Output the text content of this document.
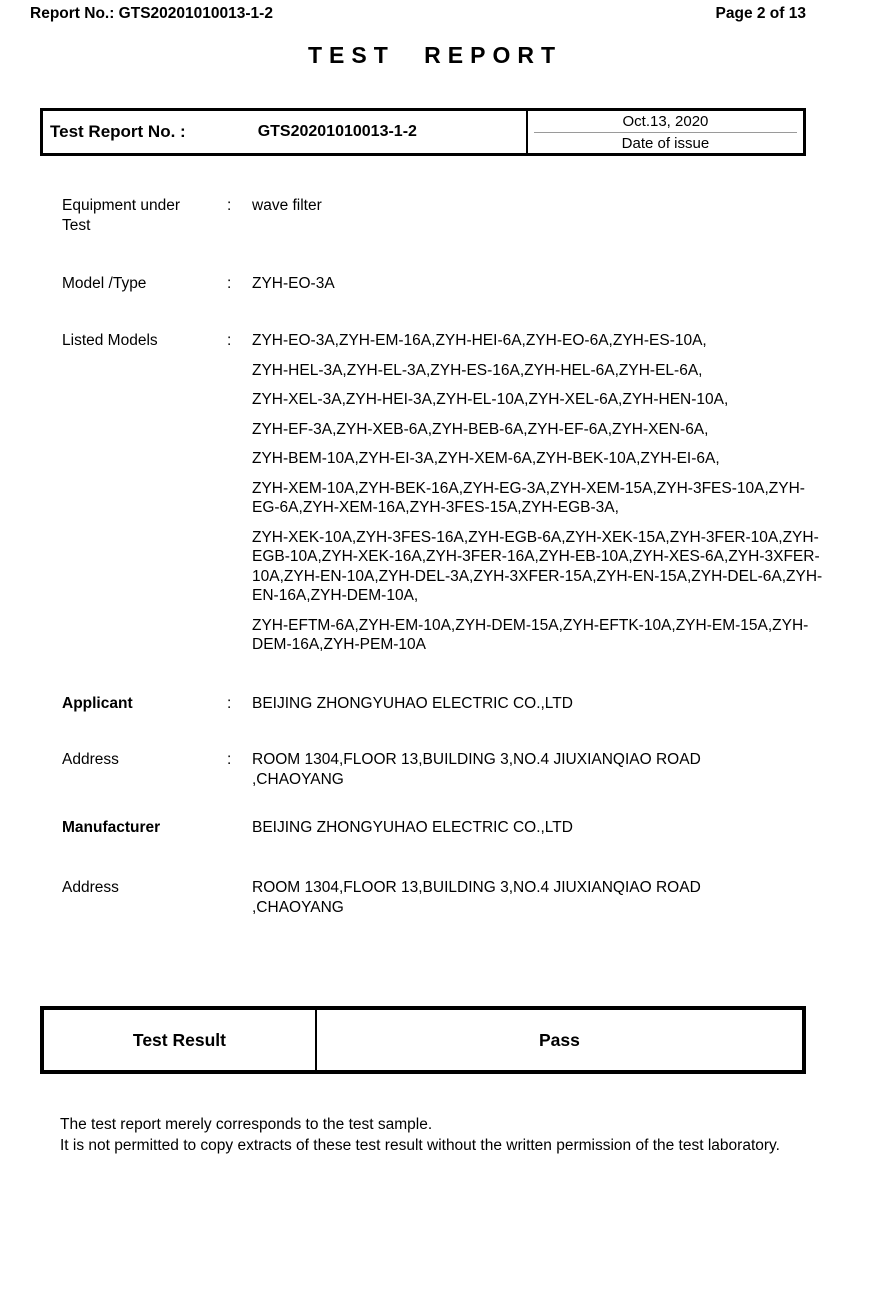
Report No.: GTS20201010013-1-2	Page 2 of 13
TEST REPORT
Test Report No. :	GTS20201010013-1-2
Oct.13, 2020
Date of issue
Equipment under Test
:	wave filter
Model /Type	:	ZYH-EO-3A
Listed Models	:	ZYH-EO-3A,ZYH-EM-16A,ZYH-HEI-6A,ZYH-EO-6A,ZYH-ES-10A,

ZYH-HEL-3A,ZYH-EL-3A,ZYH-ES-16A,ZYH-HEL-6A,ZYH-EL-6A,

ZYH-XEL-3A,ZYH-HEI-3A,ZYH-EL-10A,ZYH-XEL-6A,ZYH-HEN-10A,

ZYH-EF-3A,ZYH-XEB-6A,ZYH-BEB-6A,ZYH-EF-6A,ZYH-XEN-6A,

ZYH-BEM-10A,ZYH-EI-3A,ZYH-XEM-6A,ZYH-BEK-10A,ZYH-EI-6A,

ZYH-XEM-10A,ZYH-BEK-16A,ZYH-EG-3A,ZYH-XEM-15A,ZYH-3FES-10A,ZYH-EG-6A,ZYH-XEM-16A,ZYH-3FES-15A,ZYH-EGB-3A,

ZYH-XEK-10A,ZYH-3FES-16A,ZYH-EGB-6A,ZYH-XEK-15A,ZYH-3FER-10A,ZYH-EGB-10A,ZYH-XEK-16A,ZYH-3FER-16A,ZYH-EB-10A,ZYH-XES-6A,ZYH-3XFER-10A,ZYH-EN-10A,ZYH-DEL-3A,ZYH-3XFER-15A,ZYH-EN-15A,ZYH-DEL-6A,ZYH-EN-16A,ZYH-DEM-10A,

ZYH-EFTM-6A,ZYH-EM-10A,ZYH-DEM-15A,ZYH-EFTK-10A,ZYH-EM-15A,ZYH-DEM-16A,ZYH-PEM-10A

Applicant	:	BEIJING ZHONGYUHAO ELECTRIC CO.,LTD
Address	:	ROOM 1304,FLOOR 13,BUILDING 3,NO.4 JIUXIANQIAO ROAD ,CHAOYANG
Manufacturer	BEIJING ZHONGYUHAO ELECTRIC CO.,LTD
Address	ROOM 1304,FLOOR 13,BUILDING 3,NO.4 JIUXIANQIAO ROAD ,CHAOYANG
Test Result	Pass
The test report merely corresponds to the test sample.
It is not permitted to copy extracts of these test result without the written permission of the test laboratory.
